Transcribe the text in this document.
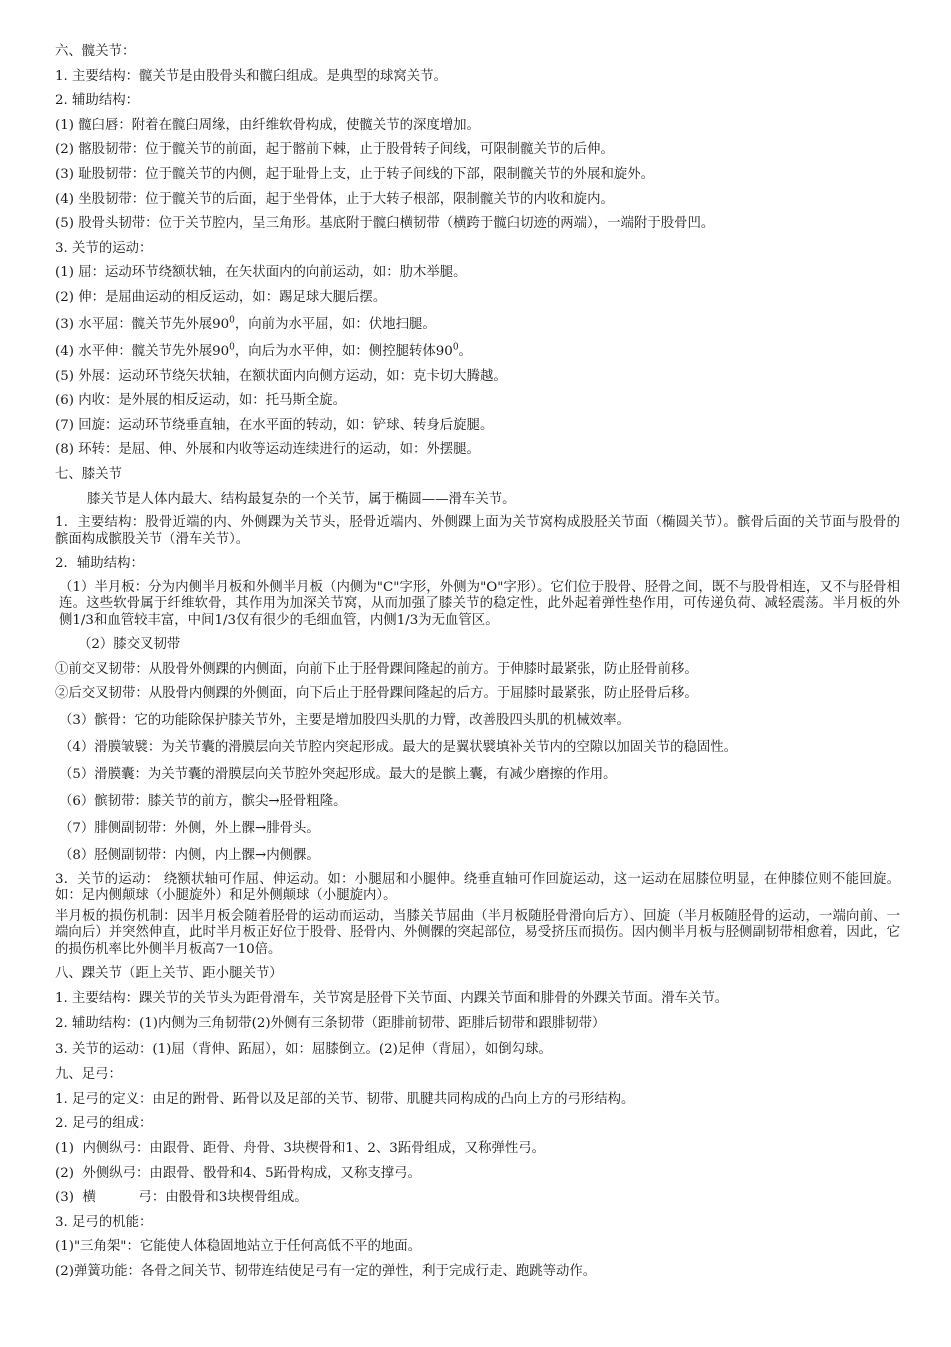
六、髋关节：
1. 主要结构：髋关节是由股骨头和髋臼组成。是典型的球窝关节。
2. 辅助结构：
(1) 髋臼唇：附着在髋臼周缘，由纤维软骨构成，使髋关节的深度增加。
(2) 髂股韧带：位于髋关节的前面，起于髂前下棘，止于股骨转子间线，可限制髋关节的后伸。
(3) 耻股韧带：位于髋关节的内侧，起于耻骨上支，止于转子间线的下部，限制髋关节的外展和旋外。
(4) 坐股韧带：位于髋关节的后面，起于坐骨体，止于大转子根部，限制髋关节的内收和旋内。
(5) 股骨头韧带：位于关节腔内，呈三角形。基底附于髋臼横韧带（横跨于髋臼切迹的两端），一端附于股骨凹。
3. 关节的运动：
(1) 屈：运动环节绕额状轴，在矢状面内的向前运动，如：肋木举腿。
(2) 伸：是屈曲运动的相反运动，如：踢足球大腿后摆。
(3) 水平屈：髋关节先外展$90^0$，向前为水平屈，如：伏地扫腿。
(4) 水平伸：髋关节先外展$90^0$，向后为水平伸，如：侧控腿转体$90^0$。
(5) 外展：运动环节绕矢状轴，在额状面内向侧方运动，如：克卡切大腾越。
(6) 内收：是外展的相反运动，如：托马斯全旋。
(7) 回旋：运动环节绕垂直轴，在水平面的转动，如：铲球、转身后旋腿。
(8) 环转：是屈、伸、外展和内收等运动连续进行的运动，如：外摆腿。
七、膝关节
膝关节是人体内最大、结构最复杂的一个关节，属于椭圆——滑车关节。
1．主要结构：股骨近端的内、外侧踝为关节头，胫骨近端内、外侧踝上面为关节窝构成股胫关节面（椭圆关节）。髌骨后面的关节面与股骨的髌面构成髌股关节（滑车关节）。
2．辅助结构：
（1）半月板：分为内侧半月板和外侧半月板（内侧为"C"字形，外侧为"O"字形）。它们位于股骨、胫骨之间，既不与股骨相连，又不与胫骨相连。这些软骨属于纤维软骨，其作用为加深关节窝，从而加强了膝关节的稳定性，此外起着弹性垫作用，可传递负荷、减轻震荡。半月板的外侧1/3和血管较丰富，中间1/3仅有很少的毛细血管，内侧1/3为无血管区。
（2）膝交叉韧带
①前交叉韧带：从股骨外侧踝的内侧面，向前下止于胫骨踝间隆起的前方。于伸膝时最紧张，防止胫骨前移。
②后交叉韧带：从股骨内侧踝的外侧面，向下后止于胫骨踝间隆起的后方。于屈膝时最紧张，防止胫骨后移。
（3）髌骨：它的功能除保护膝关节外，主要是增加股四头肌的力臂，改善股四头肌的机械效率。
（4）滑膜皱襞：为关节囊的滑膜层向关节腔内突起形成。最大的是翼状襞填补关节内的空隙以加固关节的稳固性。
（5）滑膜囊：为关节囊的滑膜层向关节腔外突起形成。最大的是髌上囊，有减少磨擦的作用。
（6）髌韧带：膝关节的前方，髌尖→胫骨粗隆。
（7）腓侧副韧带：外侧，外上髁→腓骨头。
（8）胫侧副韧带：内侧，内上髁→内侧髁。
3．关节的运动： 绕额状轴可作屈、伸运动。如：小腿屈和小腿伸。绕垂直轴可作回旋运动，这一运动在屈膝位明显，在伸膝位则不能回旋。如：足内侧颠球（小腿旋外）和足外侧颠球（小腿旋内）。
半月板的损伤机制：因半月板会随着胫骨的运动而运动，当膝关节屈曲（半月板随胫骨滑向后方）、回旋（半月板随胫骨的运动，一端向前、一端向后）并突然伸直，此时半月板正好位于股骨、胫骨内、外侧髁的突起部位，易受挤压而损伤。因内侧半月板与胫侧副韧带相愈着，因此，它的损伤机率比外侧半月板高7一10倍。
八、踝关节（距上关节、距小腿关节）
1. 主要结构：踝关节的关节头为距骨滑车，关节窝是胫骨下关节面、内踝关节面和腓骨的外踝关节面。滑车关节。
2. 辅助结构：(1)内侧为三角韧带(2)外侧有三条韧带（距腓前韧带、距腓后韧带和跟腓韧带）
3. 关节的运动：(1)屈（背伸、跖屈），如：屈膝倒立。(2)足伸（背屈），如倒勾球。
九、足弓：
1. 足弓的定义：由足的跗骨、跖骨以及足部的关节、韧带、肌腱共同构成的凸向上方的弓形结构。
2. 足弓的组成：
(1)  内侧纵弓：由跟骨、距骨、舟骨、3块楔骨和1、2、3跖骨组成，又称弹性弓。
(2)  外侧纵弓：由跟骨、骰骨和4、5跖骨构成，又称支撑弓。
(3)  横          弓：由骰骨和3块楔骨组成。
3. 足弓的机能：
(1)"三角架"：它能使人体稳固地站立于任何高低不平的地面。
(2)弹簧功能：各骨之间关节、韧带连结使足弓有一定的弹性，利于完成行走、跑跳等动作。
